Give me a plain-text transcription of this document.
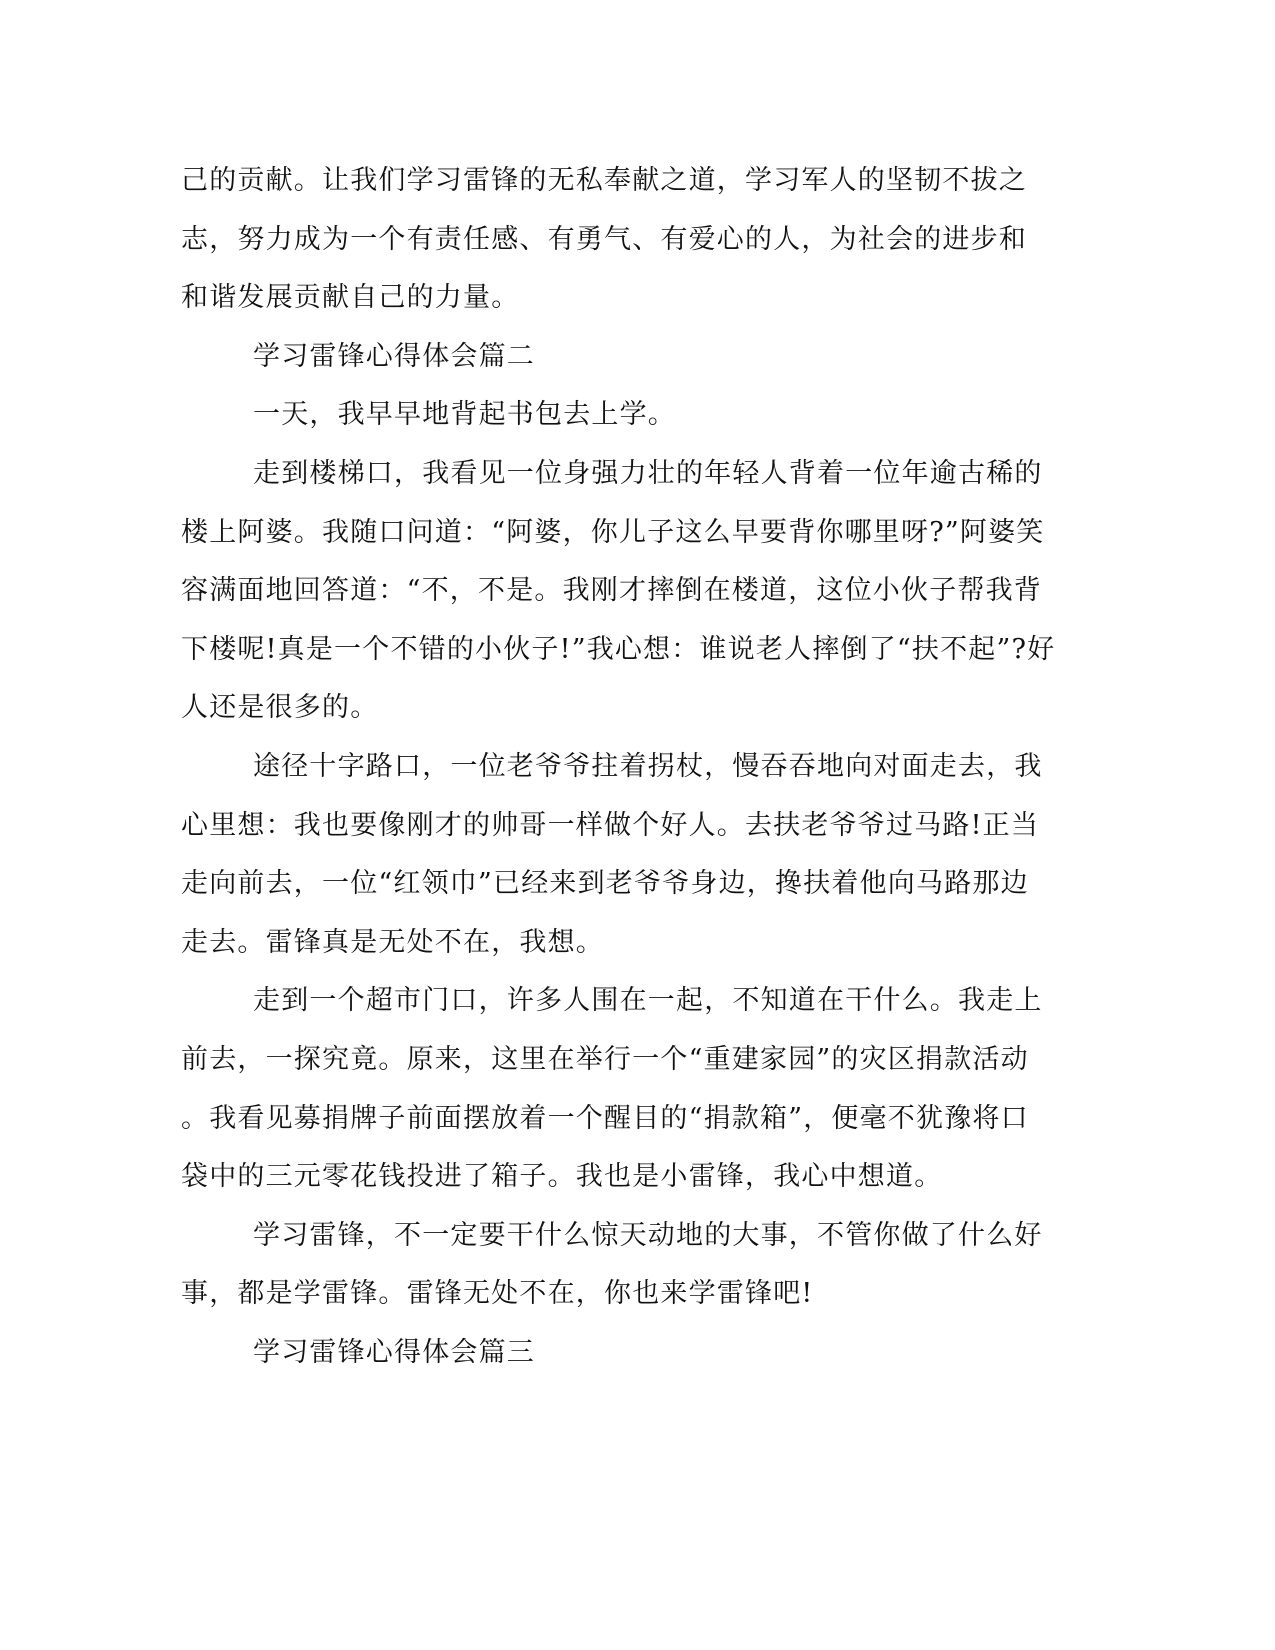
己的贡献。让我们学习雷锋的无私奉献之道，学习军人的坚韧不拔之
志，努力成为一个有责任感、有勇气、有爱心的人，为社会的进步和
和谐发展贡献自己的力量。
学习雷锋心得体会篇二
一天，我早早地背起书包去上学。
走到楼梯口，我看见一位身强力壮的年轻人背着一位年逾古稀的
楼上阿婆。我随口问道：“阿婆，你儿子这么早要背你哪里呀?”阿婆笑
容满面地回答道：“不，不是。我刚才摔倒在楼道，这位小伙子帮我背
下楼呢!真是一个不错的小伙子!”我心想：谁说老人摔倒了“扶不起”?好
人还是很多的。
途径十字路口，一位老爷爷拄着拐杖，慢吞吞地向对面走去，我
心里想：我也要像刚才的帅哥一样做个好人。去扶老爷爷过马路!正当
走向前去，一位“红领巾”已经来到老爷爷身边，搀扶着他向马路那边
走去。雷锋真是无处不在，我想。
走到一个超市门口，许多人围在一起，不知道在干什么。我走上
前去，一探究竟。原来，这里在举行一个“重建家园”的灾区捐款活动
。我看见募捐牌子前面摆放着一个醒目的“捐款箱”，便毫不犹豫将口
袋中的三元零花钱投进了箱子。我也是小雷锋，我心中想道。
学习雷锋，不一定要干什么惊天动地的大事，不管你做了什么好
事，都是学雷锋。雷锋无处不在，你也来学雷锋吧!
学习雷锋心得体会篇三
